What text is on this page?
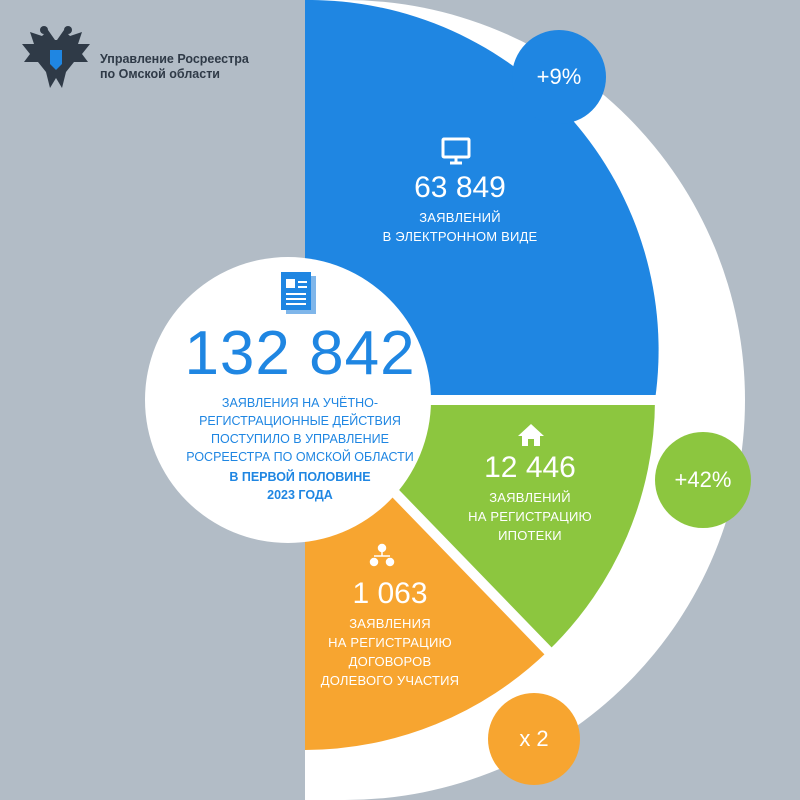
Управление Росреестра
по Омской области
132 842
ЗАЯВЛЕНИЯ НА УЧЁТНО-
РЕГИСТРАЦИОННЫЕ ДЕЙСТВИЯ
ПОСТУПИЛО В УПРАВЛЕНИЕ
РОСРЕЕСТРА ПО ОМСКОЙ ОБЛАСТИ
В ПЕРВОЙ ПОЛОВИНЕ
2023 ГОДА
63 849
ЗАЯВЛЕНИЙ
В ЭЛЕКТРОННОМ ВИДЕ
12 446
ЗАЯВЛЕНИЙ
НА РЕГИСТРАЦИЮ
ИПОТЕКИ
1 063
ЗАЯВЛЕНИЯ
НА РЕГИСТРАЦИЮ
ДОГОВОРОВ
ДОЛЕВОГО УЧАСТИЯ
+9%
+42%
x 2
